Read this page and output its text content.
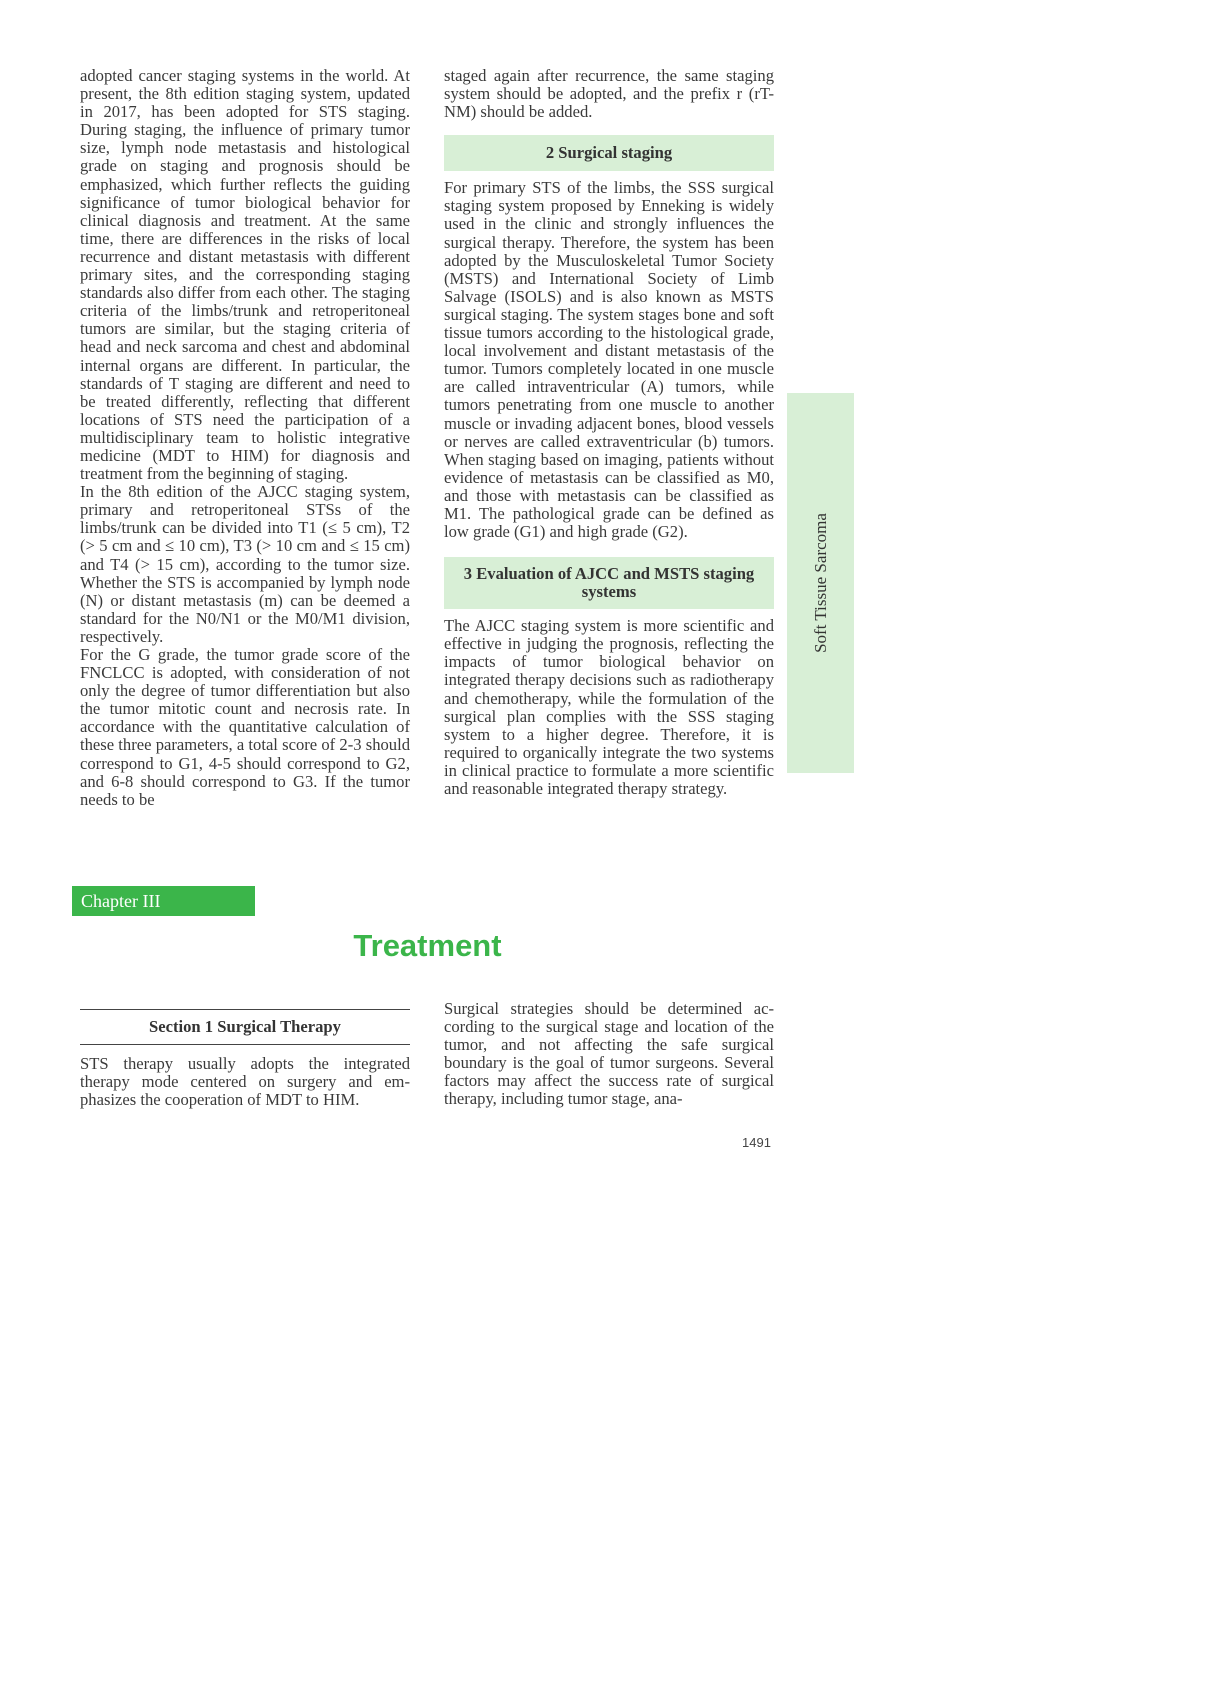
adopted cancer staging systems in the world. At present, the 8th edition staging system, updated in 2017, has been adopted for STS staging. During staging, the influence of primary tumor size, lymph node metastasis and histological grade on staging and prognosis should be emphasized, which further reflects the guiding significance of tumor biological behavior for clinical diagnosis and treatment. At the same time, there are differences in the risks of local recurrence and distant metastasis with different primary sites, and the corresponding staging standards also differ from each other. The staging criteria of the limbs/trunk and retroperitoneal tumors are similar, but the staging criteria of head and neck sarcoma and chest and abdominal internal organs are different. In particular, the standards of T staging are different and need to be treated differently, reflecting that different locations of STS need the participation of a multidisciplinary team to holistic integrative medicine (MDT to HIM) for diagnosis and treatment from the beginning of staging.

In the 8th edition of the AJCC staging system, primary and retroperitoneal STSs of the limbs/trunk can be divided into T1 (≤ 5 cm), T2 (> 5 cm and ≤ 10 cm), T3 (> 10 cm and ≤ 15 cm) and T4 (> 15 cm), according to the tumor size. Whether the STS is accompanied by lymph node (N) or distant metastasis (m) can be deemed a standard for the N0/N1 or the M0/M1 division, respectively.

For the G grade, the tumor grade score of the FNCLCC is adopted, with consideration of not only the degree of tumor differentiation but also the tumor mitotic count and necrosis rate. In accordance with the quantitative calculation of these three parameters, a total score of 2-3 should correspond to G1, 4-5 should correspond to G2, and 6-8 should correspond to G3. If the tumor needs to be

staged again after recurrence, the same staging system should be adopted, and the prefix r (rT-NM) should be added.

2 Surgical staging

For primary STS of the limbs, the SSS surgical staging system proposed by Enneking is widely used in the clinic and strongly influences the surgical therapy. Therefore, the system has been adopted by the Musculoskeletal Tumor Society (MSTS) and International Society of Limb Salvage (ISOLS) and is also known as MSTS surgical staging. The system stages bone and soft tissue tumors according to the histological grade, local involvement and distant metastasis of the tumor. Tumors completely located in one muscle are called intraventricular (A) tumors, while tumors penetrating from one muscle to another muscle or invading adjacent bones, blood vessels or nerves are called extraventricular (b) tumors. When staging based on imaging, patients without evidence of metastasis can be classified as M0, and those with metastasis can be classified as M1. The pathological grade can be defined as low grade (G1) and high grade (G2).

3 Evaluation of AJCC and MSTS staging systems

The AJCC staging system is more scientific and effective in judging the prognosis, reflecting the impacts of tumor biological behavior on integrated therapy decisions such as radiotherapy and chemotherapy, while the formulation of the surgical plan complies with the SSS staging system to a higher degree. Therefore, it is required to organically integrate the two systems in clinical practice to formulate a more scientific and reasonable integrated therapy strategy.

Soft Tissue Sarcoma
Chapter III
Treatment
Section 1 Surgical Therapy

STS therapy usually adopts the integrated therapy mode centered on surgery and emphasizes the cooperation of MDT to HIM.

Surgical strategies should be determined according to the surgical stage and location of the tumor, and not affecting the safe surgical boundary is the goal of tumor surgeons. Several factors may affect the success rate of surgical therapy, including tumor stage, ana-

1491
